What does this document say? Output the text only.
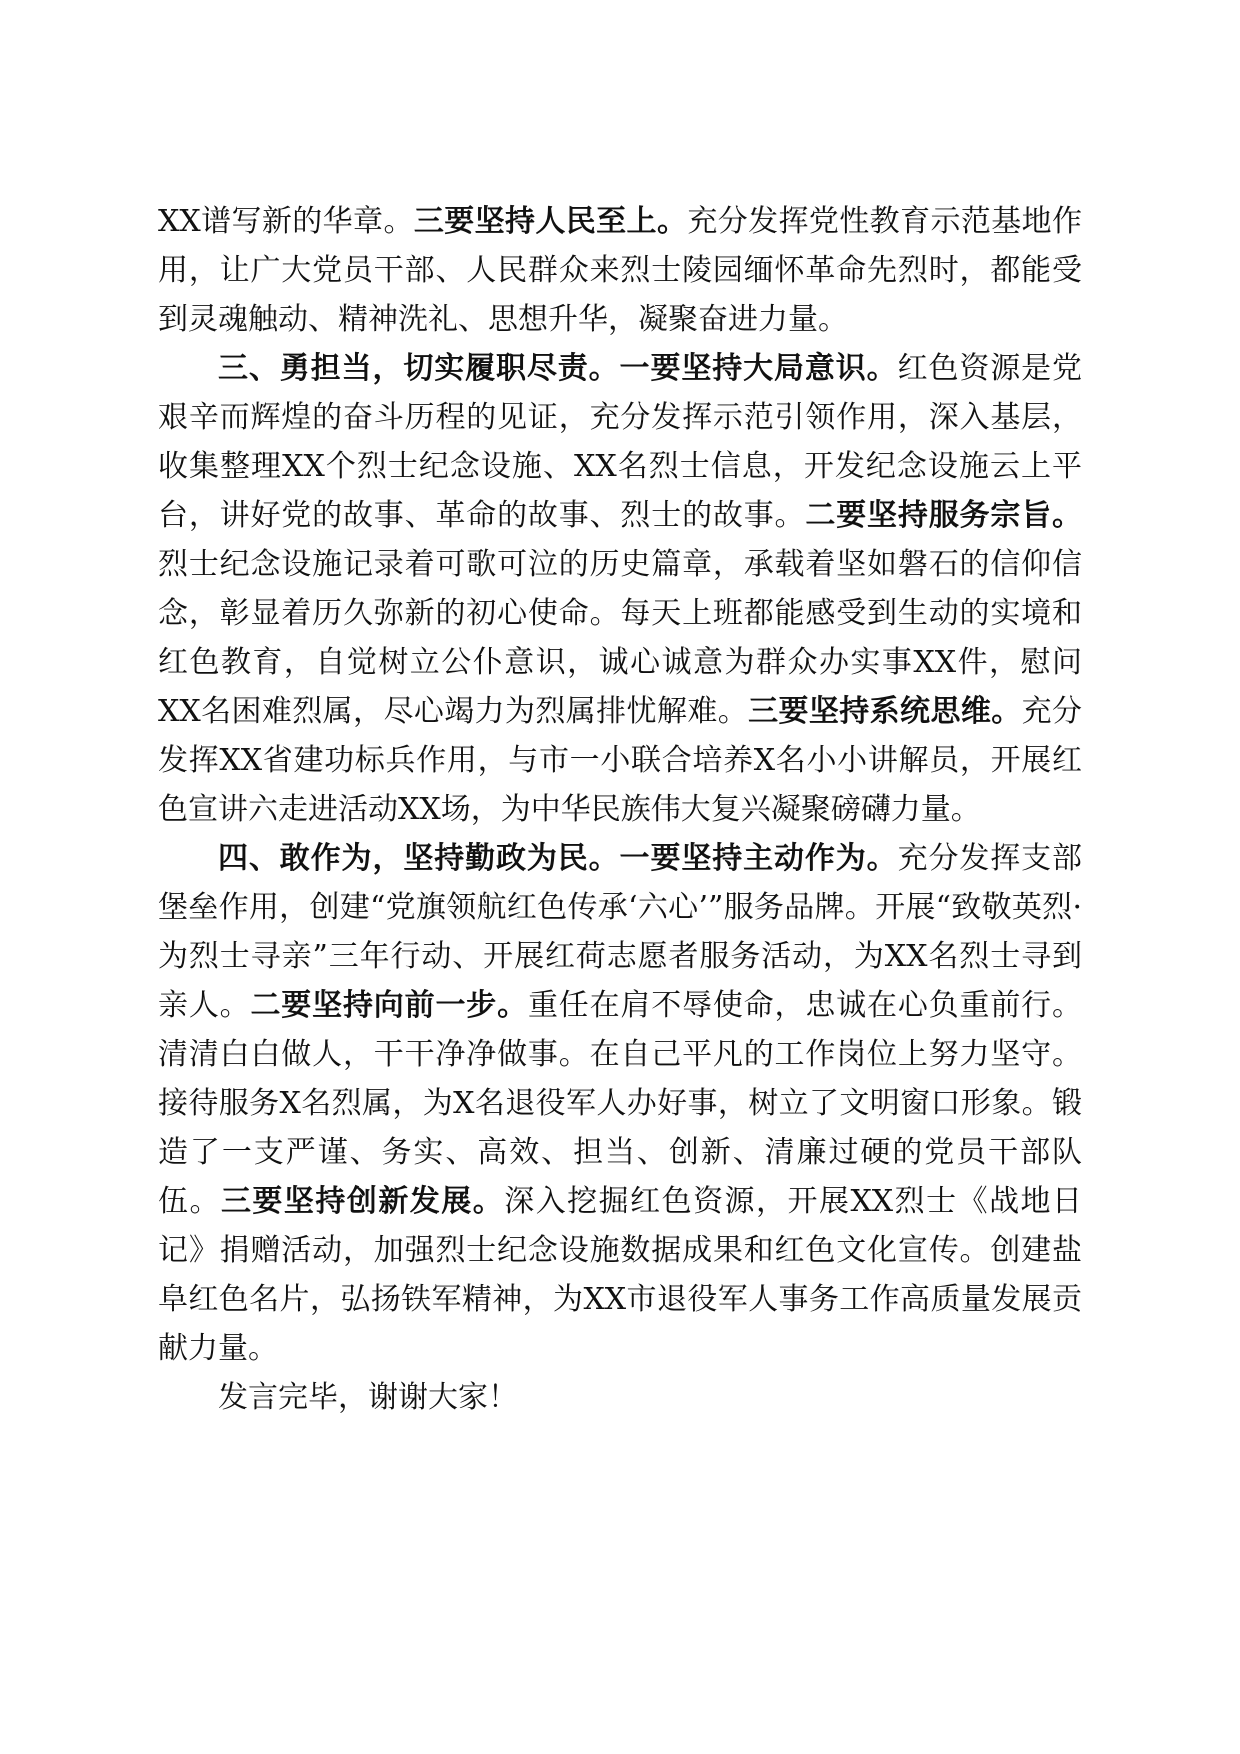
XX谱写新的华章。三要坚持人民至上。充分发挥党性教育示范基地作用，让广大党员干部、人民群众来烈士陵园缅怀革命先烈时，都能受到灵魂触动、精神洗礼、思想升华，凝聚奋进力量。

三、勇担当，切实履职尽责。一要坚持大局意识。红色资源是党艰辛而辉煌的奋斗历程的见证，充分发挥示范引领作用，深入基层，收集整理XX个烈士纪念设施、XX名烈士信息，开发纪念设施云上平台，讲好党的故事、革命的故事、烈士的故事。二要坚持服务宗旨。烈士纪念设施记录着可歌可泣的历史篇章，承载着坚如磐石的信仰信念，彰显着历久弥新的初心使命。每天上班都能感受到生动的实境和红色教育，自觉树立公仆意识，诚心诚意为群众办实事XX件，慰问XX名困难烈属，尽心竭力为烈属排忧解难。三要坚持系统思维。充分发挥XX省建功标兵作用，与市一小联合培养X名小小讲解员，开展红色宣讲六走进活动XX场，为中华民族伟大复兴凝聚磅礴力量。

四、敢作为，坚持勤政为民。一要坚持主动作为。充分发挥支部堡垒作用，创建“党旗领航红色传承‘六心’”服务品牌。开展“致敬英烈·为烈士寻亲”三年行动、开展红荷志愿者服务活动，为XX名烈士寻到亲人。二要坚持向前一步。重任在肩不辱使命，忠诚在心负重前行。清清白白做人，干干净净做事。在自己平凡的工作岗位上努力坚守。接待服务X名烈属，为X名退役军人办好事，树立了文明窗口形象。锻造了一支严谨、务实、高效、担当、创新、清廉过硬的党员干部队伍。三要坚持创新发展。深入挖掘红色资源，开展XX烈士《战地日记》捐赠活动，加强烈士纪念设施数据成果和红色文化宣传。创建盐阜红色名片，弘扬铁军精神，为XX市退役军人事务工作高质量发展贡献力量。

发言完毕，谢谢大家！
